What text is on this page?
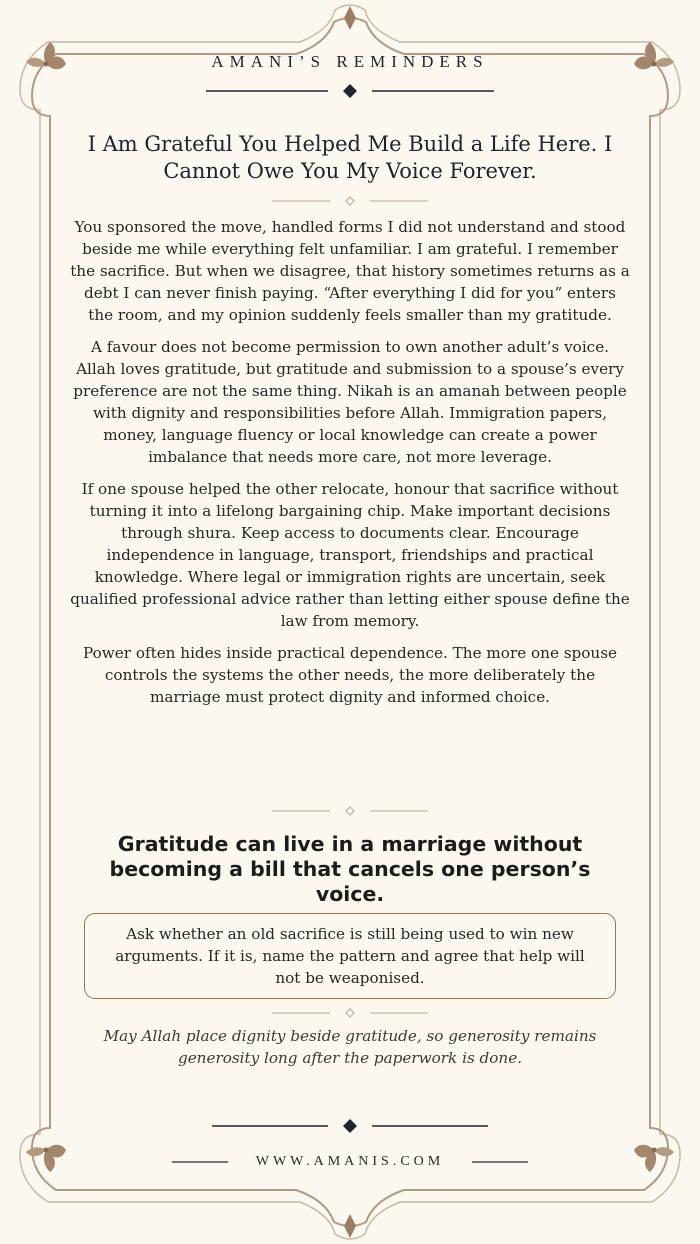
AMANI’S REMINDERS
I Am Grateful You Helped Me Build a Life Here. I Cannot Owe You My Voice Forever.

You sponsored the move, handled forms I did not understand and stood beside me while everything felt unfamiliar. I am grateful. I remember the sacrifice. But when we disagree, that history sometimes returns as a debt I can never finish paying. “After everything I did for you” enters the room, and my opinion suddenly feels smaller than my gratitude.

A favour does not become permission to own another adult’s voice. Allah loves gratitude, but gratitude and submission to a spouse’s every preference are not the same thing. Nikah is an amanah between people with dignity and responsibilities before Allah. Immigration papers, money, language fluency or local knowledge can create a power imbalance that needs more care, not more leverage.

If one spouse helped the other relocate, honour that sacrifice without turning it into a lifelong bargaining chip. Make important decisions through shura. Keep access to documents clear. Encourage independence in language, transport, friendships and practical knowledge. Where legal or immigration rights are uncertain, seek qualified professional advice rather than letting either spouse define the law from memory.

Power often hides inside practical dependence. The more one spouse controls the systems the other needs, the more deliberately the marriage must protect dignity and informed choice.

Gratitude can live in a marriage without becoming a bill that cancels one person’s voice.
Ask whether an old sacrifice is still being used to win new arguments. If it is, name the pattern and agree that help will not be weaponised.
May Allah place dignity beside gratitude, so generosity remains generosity long after the paperwork is done.
WWW.AMANIS.COM
